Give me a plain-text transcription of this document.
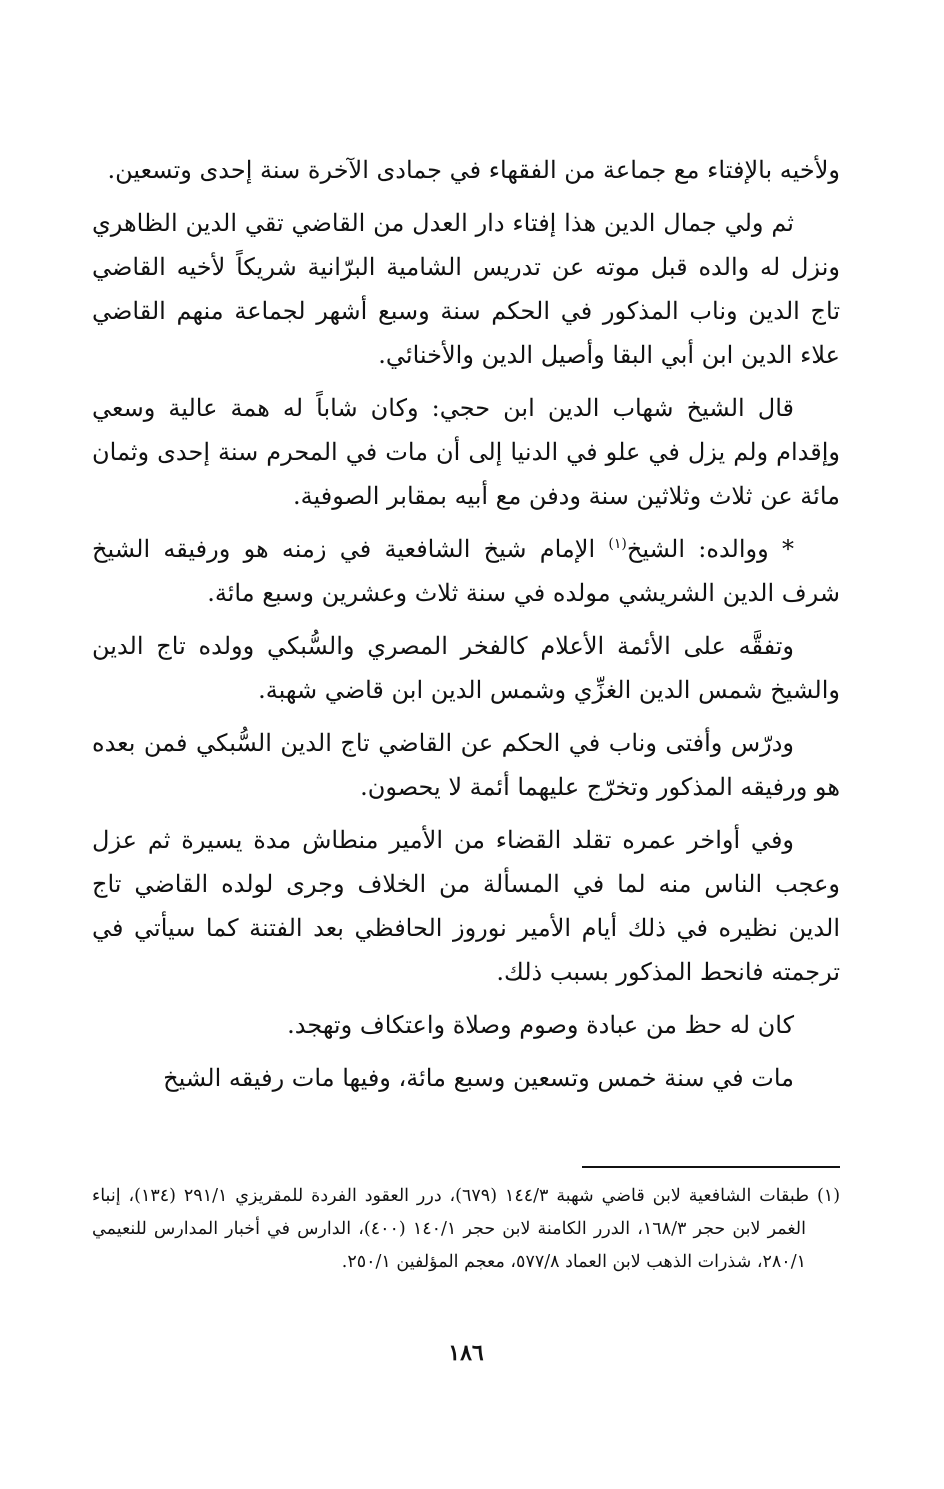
ولأخيه بالإفتاء مع جماعة من الفقهاء في جمادى الآخرة سنة إحدى وتسعين.

ثم ولي جمال الدين هذا إفتاء دار العدل من القاضي تقي الدين الظاهري ونزل له والده قبل موته عن تدريس الشامية البرّانية شريكاً لأخيه القاضي تاج الدين وناب المذكور في الحكم سنة وسبع أشهر لجماعة منهم القاضي علاء الدين ابن أبي البقا وأصيل الدين والأخنائي.

قال الشيخ شهاب الدين ابن حجي: وكان شاباً له همة عالية وسعي وإقدام ولم يزل في علو في الدنيا إلى أن مات في المحرم سنة إحدى وثمان مائة عن ثلاث وثلاثين سنة ودفن مع أبيه بمقابر الصوفية.

* ووالده: الشيخ$^{(١)}$ الإمام شيخ الشافعية في زمنه هو ورفيقه الشيخ شرف الدين الشريشي مولده في سنة ثلاث وعشرين وسبع مائة.

وتفقَّه على الأئمة الأعلام كالفخر المصري والسُّبكي وولده تاج الدين والشيخ شمس الدين الغزِّي وشمس الدين ابن قاضي شهبة.

ودرّس وأفتى وناب في الحكم عن القاضي تاج الدين السُّبكي فمن بعده هو ورفيقه المذكور وتخرّج عليهما أئمة لا يحصون.

وفي أواخر عمره تقلد القضاء من الأمير منطاش مدة يسيرة ثم عزل وعجب الناس منه لما في المسألة من الخلاف وجرى لولده القاضي تاج الدين نظيره في ذلك أيام الأمير نوروز الحافظي بعد الفتنة كما سيأتي في ترجمته فانحط المذكور بسبب ذلك.

كان له حظ من عبادة وصوم وصلاة واعتكاف وتهجد.

مات في سنة خمس وتسعين وسبع مائة، وفيها مات رفيقه الشيخ

(١) طبقات الشافعية لابن قاضي شهبة ١٤٤/٣ (٦٧٩)، درر العقود الفردة للمقريزي ٢٩١/١ (١٣٤)، إنباء الغمر لابن حجر ١٦٨/٣، الدرر الكامنة لابن حجر ١٤٠/١ (٤٠٠)، الدارس في أخبار المدارس للنعيمي ٢٨٠/١، شذرات الذهب لابن العماد ٥٧٧/٨، معجم المؤلفين ٢٥٠/١.

١٨٦
